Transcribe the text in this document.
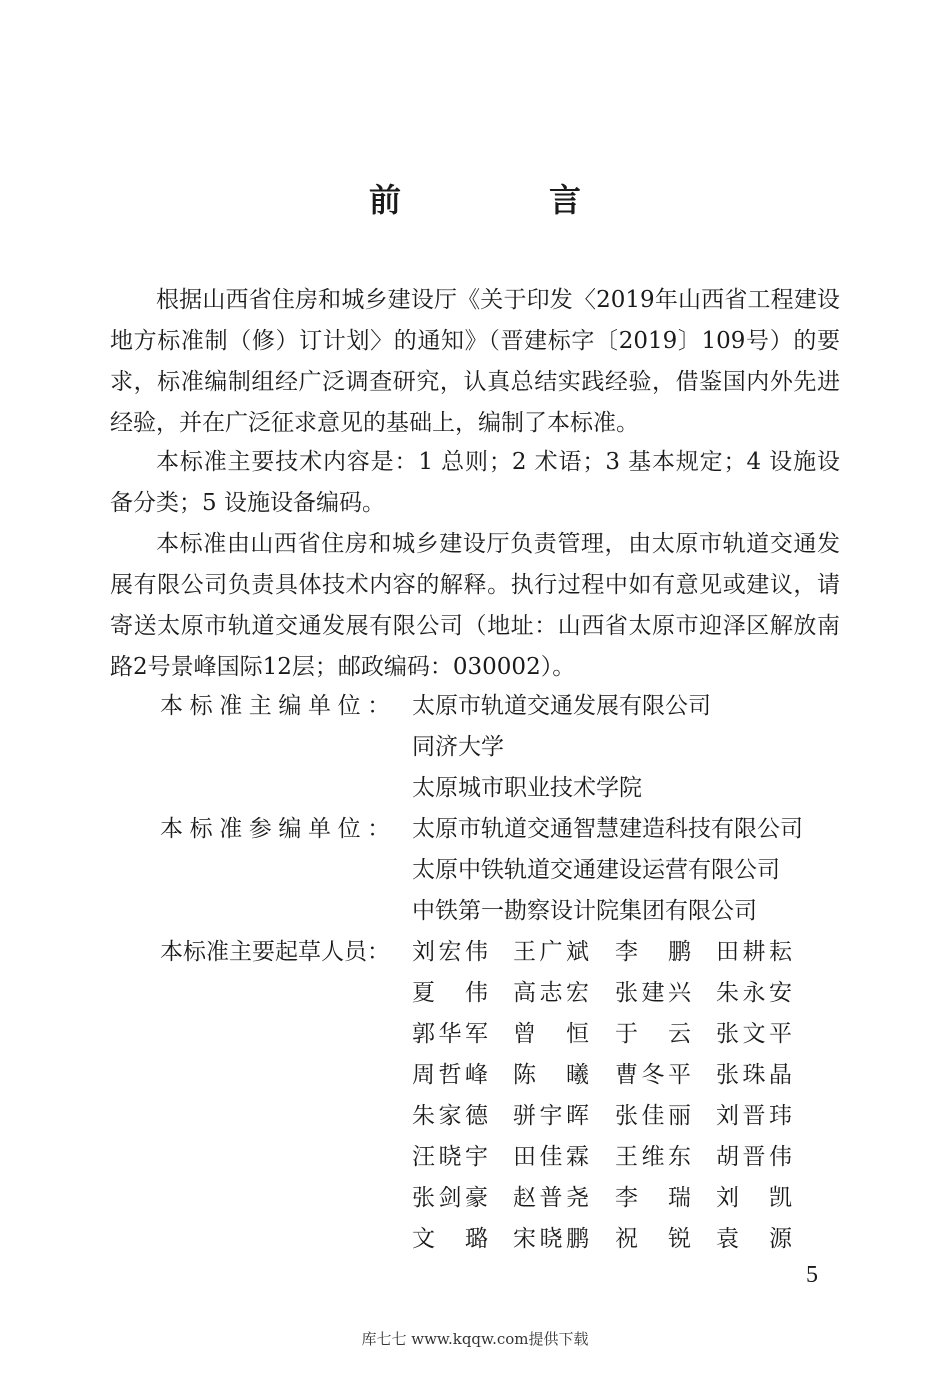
前　言

根据山西省住房和城乡建设厅《关于印发〈2019年山西省工程建设地方标准制（修）订计划〉的通知》（晋建标字〔2019〕109号）的要求，标准编制组经广泛调查研究，认真总结实践经验，借鉴国内外先进经验，并在广泛征求意见的基础上，编制了本标准。

本标准主要技术内容是：1 总则；2 术语；3 基本规定；4 设施设备分类；5 设施设备编码。

本标准由山西省住房和城乡建设厅负责管理，由太原市轨道交通发展有限公司负责具体技术内容的解释。执行过程中如有意见或建议，请寄送太原市轨道交通发展有限公司（地址：山西省太原市迎泽区解放南路2号景峰国际12层；邮政编码：030002）。

本标准主编单位： 太原市轨道交通发展有限公司
同济大学
太原城市职业技术学院
本标准参编单位： 太原市轨道交通智慧建造科技有限公司
太原中铁轨道交通建设运营有限公司
中铁第一勘察设计院集团有限公司
本标准主要起草人员： 刘宏伟 王广斌 李鹏 田耕耘
夏伟 高志宏 张建兴 朱永安
郭华军 曾恒 于云 张文平
周哲峰 陈曦 曹冬平 张珠晶
朱家德 骈宇晖 张佳丽 刘晋玮
汪晓宇 田佳霖 王维东 胡晋伟
张剑豪 赵普尧 李瑞 刘凯
文璐 宋晓鹏 祝锐 袁源
5
库七七 www.kqqw.com提供下载
